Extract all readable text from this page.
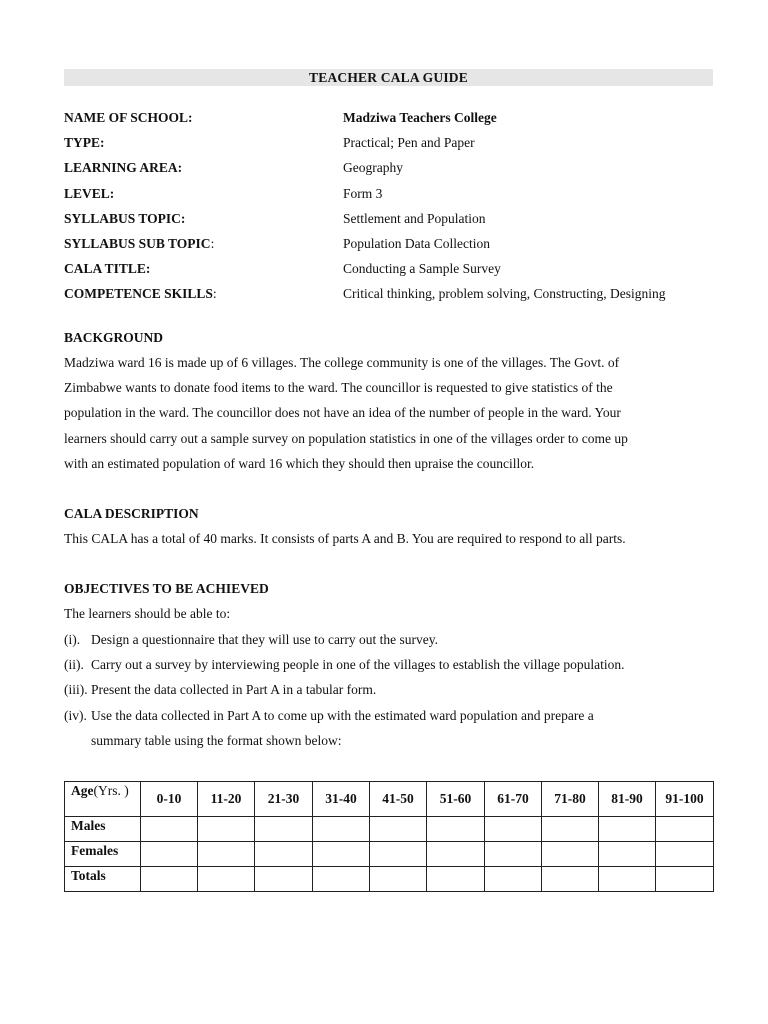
TEACHER CALA GUIDE
NAME OF SCHOOL:	Madziwa Teachers College
TYPE:	Practical; Pen and Paper
LEARNING AREA:	Geography
LEVEL:	Form 3
SYLLABUS TOPIC:	Settlement and Population
SYLLABUS SUB TOPIC:	Population Data Collection
CALA TITLE:	Conducting a Sample Survey
COMPETENCE SKILLS:	Critical thinking, problem solving, Constructing, Designing
BACKGROUND
Madziwa ward 16 is made up of 6 villages. The college community is one of the villages. The Govt. of
Zimbabwe wants to donate food items to the ward. The councillor is requested to give statistics of the
population in the ward. The councillor does not have an idea of the number of people in the ward. Your
learners should carry out a sample survey on population statistics in one of the villages order to come up
with an estimated population of ward 16 which they should then upraise the councillor.
CALA DESCRIPTION
This CALA has a total of 40 marks. It consists of parts A and B. You are required to respond to all parts.
OBJECTIVES TO BE ACHIEVED
The learners should be able to:
(i). Design a questionnaire that they will use to carry out the survey.
(ii). Carry out a survey by interviewing people in one of the villages to establish the village population.
(iii). Present the data collected in Part A in a tabular form.
(iv). Use the data collected in Part A to come up with the estimated ward population and prepare a
summary table using the format shown below:
Age(Yrs. )	0-10	11-20	21-30	31-40	41-50	51-60	61-70	71-80	81-90	91-100
Males										
Females										
Totals										
